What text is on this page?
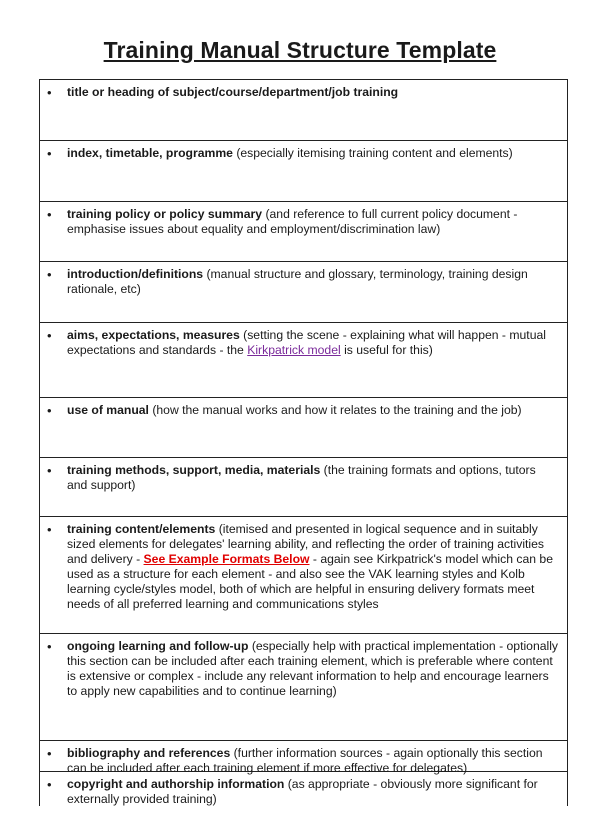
Training Manual Structure Template
• title or heading of subject/course/department/job training
• index, timetable, programme (especially itemising training content and elements)
• training policy or policy summary (and reference to full current policy document - emphasise issues about equality and employment/discrimination law)
• introduction/definitions (manual structure and glossary, terminology, training design rationale, etc)
• aims, expectations, measures (setting the scene - explaining what will happen - mutual expectations and standards - the Kirkpatrick model is useful for this)
• use of manual (how the manual works and how it relates to the training and the job)
• training methods, support, media, materials (the training formats and options, tutors and support)
• training content/elements (itemised and presented in logical sequence and in suitably sized elements for delegates' learning ability, and reflecting the order of training activities and delivery - See Example Formats Below - again see Kirkpatrick's model which can be used as a structure for each element - and also see the VAK learning styles and Kolb learning cycle/styles model, both of which are helpful in ensuring delivery formats meet needs of all preferred learning and communications styles
• ongoing learning and follow-up (especially help with practical implementation - optionally this section can be included after each training element, which is preferable where content is extensive or complex - include any relevant information to help and encourage learners to apply new capabilities and to continue learning)
• bibliography and references (further information sources - again optionally this section can be included after each training element if more effective for delegates)
• copyright and authorship information (as appropriate - obviously more significant for externally provided training)
